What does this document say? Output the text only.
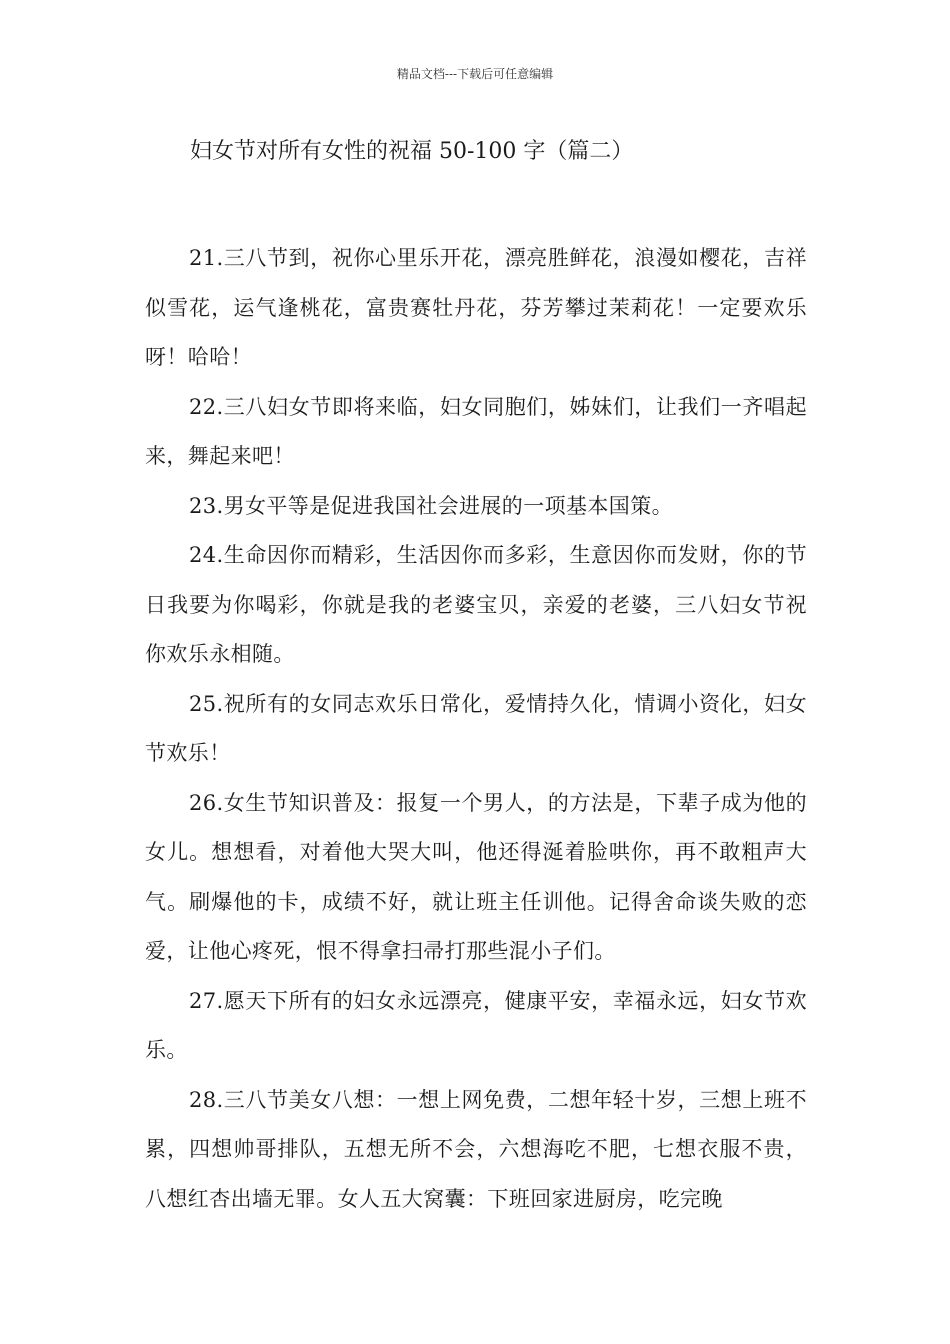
精品文档---下载后可任意编辑
妇女节对所有女性的祝福 50-100 字（篇二）

21.三八节到，祝你心里乐开花，漂亮胜鲜花，浪漫如樱花，吉祥似雪花，运气逢桃花，富贵赛牡丹花，芬芳攀过茉莉花！一定要欢乐呀！哈哈！

22.三八妇女节即将来临，妇女同胞们，姊妹们，让我们一齐唱起来，舞起来吧！

23.男女平等是促进我国社会进展的一项基本国策。

24.生命因你而精彩，生活因你而多彩，生意因你而发财，你的节日我要为你喝彩，你就是我的老婆宝贝，亲爱的老婆，三八妇女节祝你欢乐永相随。

25.祝所有的女同志欢乐日常化，爱情持久化，情调小资化，妇女节欢乐！

26.女生节知识普及：报复一个男人，的方法是，下辈子成为他的女儿。想想看，对着他大哭大叫，他还得涎着脸哄你，再不敢粗声大气。刷爆他的卡，成绩不好，就让班主任训他。记得舍命谈失败的恋爱，让他心疼死，恨不得拿扫帚打那些混小子们。

27.愿天下所有的妇女永远漂亮，健康平安，幸福永远，妇女节欢乐。

28.三八节美女八想：一想上网免费，二想年轻十岁，三想上班不累，四想帅哥排队，五想无所不会，六想海吃不肥，七想衣服不贵，八想红杏出墙无罪。女人五大窝囊：下班回家进厨房，吃完晚
